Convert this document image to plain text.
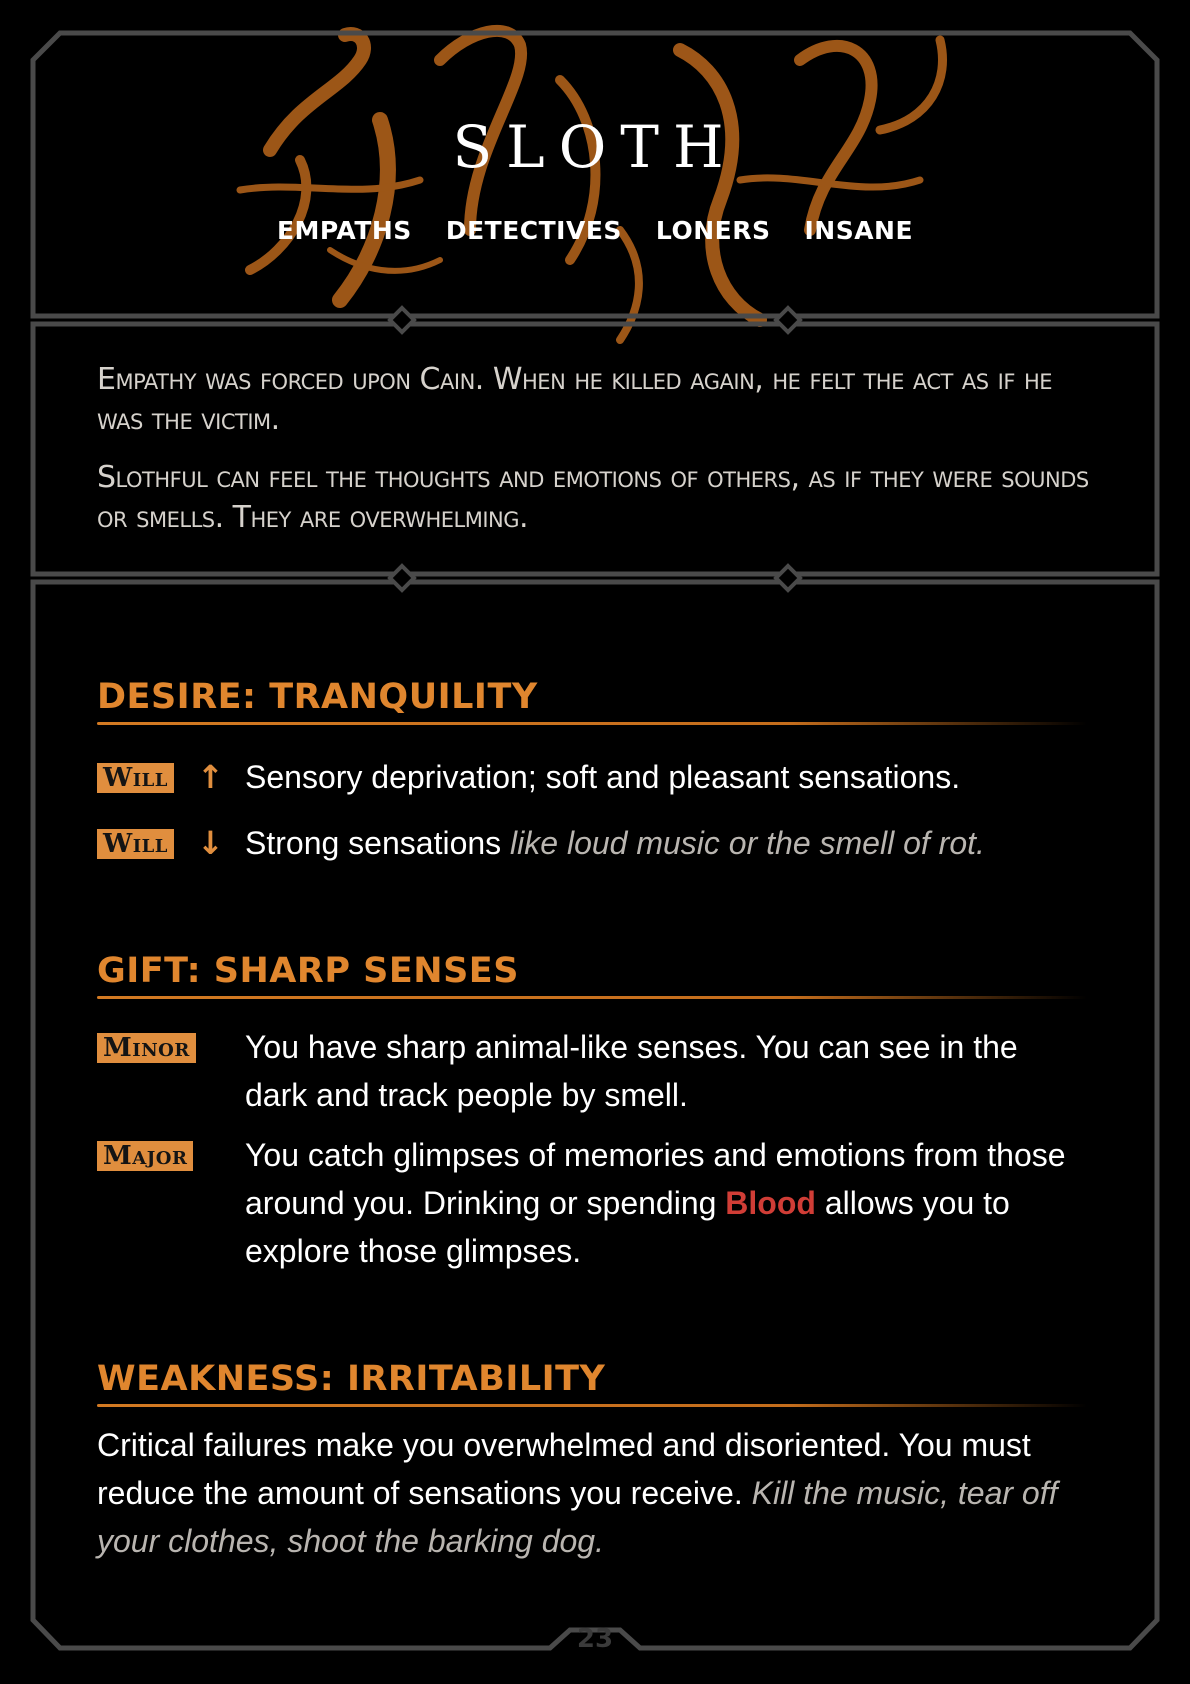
SLOTH
EMPATHS DETECTIVES LONERS INSANE

Empathy was forced upon Cain. When he killed again, he felt the act as if he was the victim.

Slothful can feel the thoughts and emotions of others, as if they were sounds or smells. They are overwhelming.

DESIRE: TRANQUILITY
Will ↑ Sensory deprivation; soft and pleasant sensations.
Will ↓ Strong sensations like loud music or the smell of rot.
GIFT: SHARP SENSES
Minor You have sharp animal-like senses. You can see in the dark and track people by smell.
Major You catch glimpses of memories and emotions from those around you. Drinking or spending Blood allows you to explore those glimpses.
WEAKNESS: IRRITABILITY
Critical failures make you overwhelmed and disoriented. You must reduce the amount of sensations you receive. Kill the music, tear off your clothes, shoot the barking dog.
23
